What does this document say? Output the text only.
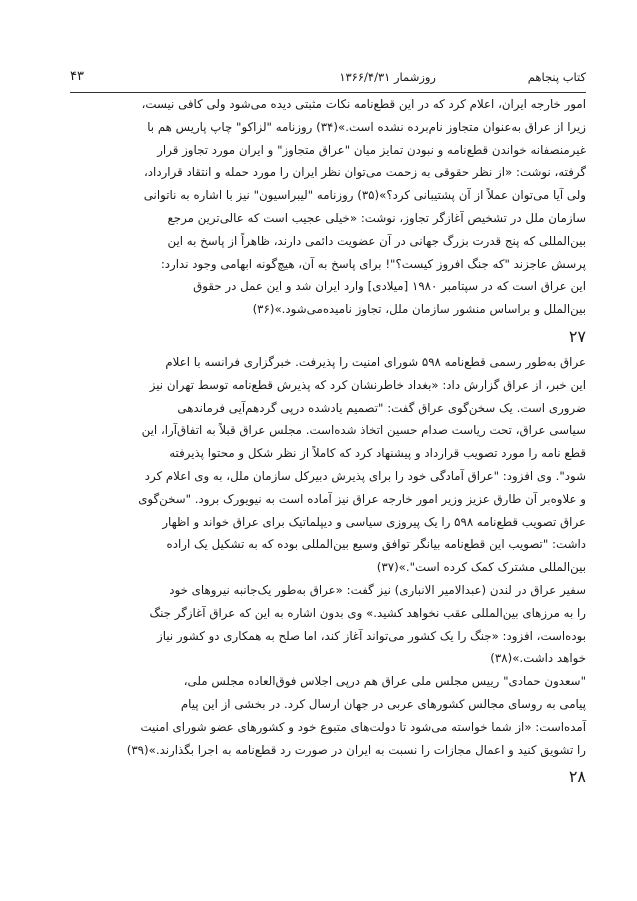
کتاب پنجاهم
روزشمار ۱۳۶۶/۴/۳۱
۴۳

امور خارجه ایران، اعلام کرد که در این قطع‌نامه نکات مثبتی دیده می‌شود ولی کافی نیست،

زیرا از عراق به‌عنوان متجاوز نام‌برده نشده است.»(۳۴) روزنامه "لزاکو" چاپ پاریس هم با

غیرمنصفانه خواندن قطع‌نامه و نبودن تمایز میان "عراق متجاوز" و ایران مورد تجاوز قرار

گرفته، نوشت: «از نظر حقوقی به زحمت می‌توان نظر ایران را مورد حمله و انتقاد قرارداد،

ولی آیا می‌توان عملاً از آن پشتیبانی کرد؟»(۳۵) روزنامه "لیبراسیون" نیز با اشاره به ناتوانی

سازمان ملل در تشخیص آغازگر تجاوز، نوشت: «خیلی عجیب است که عالی‌ترین مرجع

بین‌المللی که پنج قدرت بزرگ جهانی در آن عضویت دائمی دارند، ظاهراً از پاسخ به این

پرسش عاجزند "که جنگ افروز کیست؟"! برای پاسخ به آن، هیچ‌گونه ابهامی وجود ندارد:

این عراق است که در سپتامبر ۱۹۸۰ [میلادی] وارد ایران شد و این عمل در حقوق

بین‌الملل و براساس منشور سازمان ملل، تجاوز نامیده‌می‌شود.»(۳۶)

۲۷

عراق به‌طور رسمی قطع‌نامه ۵۹۸ شورای امنیت را پذیرفت. خبرگزاری فرانسه با اعلام

این خبر، از عراق گزارش داد: «بغداد خاطرنشان کرد که پذیرش قطع‌نامه توسط تهران نیز

ضروری است. یک سخن‌گوی عراق گفت: "تصمیم یادشده درپی گردهم‌آیی فرماندهی

سیاسی عراق، تحت ریاست صدام حسین اتخاذ شده‌است. مجلس عراق قبلاً به اتفاق‌آرا، این

قطع نامه را مورد تصویب قرارداد و پیشنهاد کرد که کاملاً از نظر شکل و محتوا پذیرفته

شود". وی افزود: "عراق آمادگی خود را برای پذیرش دبیرکل سازمان ملل، به وی اعلام کرد

و علاوه‌بر آن طارق عزیز وزیر امور خارجه عراق نیز آماده است به نیویورک برود. "سخن‌گوی

عراق تصویب قطع‌نامه ۵۹۸ را یک پیروزی سیاسی و دیپلماتیک برای عراق خواند و اظهار

داشت: "تصویب این قطع‌نامه بیانگر توافق وسیع بین‌المللی بوده که به تشکیل یک اراده

بین‌المللی مشترک کمک کرده است".»(۳۷)

سفیر عراق در لندن (عبدالامیر الانباری) نیز گفت: «عراق به‌طور یک‌جانبه نیروهای خود

را به مرزهای بین‌المللی عقب نخواهد کشید.» وی بدون اشاره به این که عراق آغازگر جنگ

بوده‌است، افزود: «جنگ را یک کشور می‌تواند آغاز کند، اما صلح به همکاری دو کشور نیاز

خواهد داشت.»(۳۸)

"سعدون حمادی" رییس مجلس ملی عراق هم درپی اجلاس فوق‌العاده مجلس ملی،

پیامی به روسای مجالس کشورهای عربی در جهان ارسال کرد. در بخشی از این پیام

آمده‌است: «از شما خواسته می‌شود تا دولت‌های متبوع خود و کشورهای عضو شورای امنیت

را تشویق کنید و اعمال مجازات را نسبت به ایران در صورت رد قطع‌نامه به اجرا بگذارند.»(۳۹)

۲۸
